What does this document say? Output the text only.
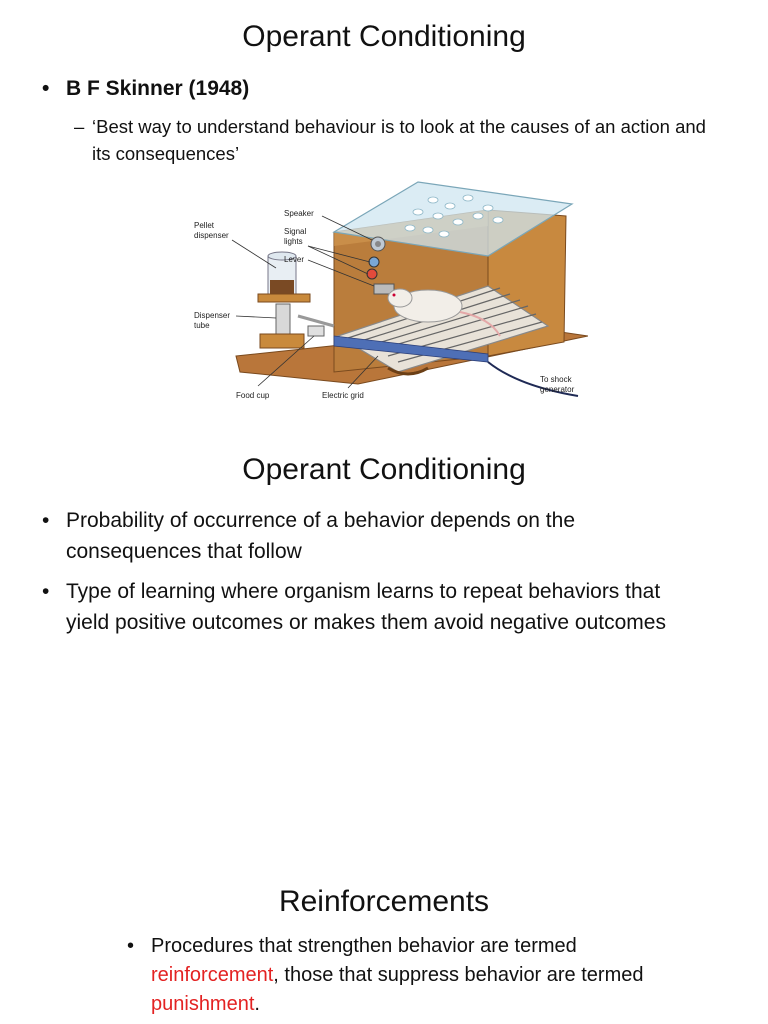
Operant Conditioning
• B F Skinner (1948)
– ‘Best way to understand behaviour is to look at the causes of an action and its consequences’
Pellet dispenser
Speaker
Signal lights
Lever
Dispenser tube
Food cup	Electric grid
To shock generator
Operant Conditioning
• Probability of occurrence of a behavior depends on the consequences that follow
• Type of learning where organism learns to repeat behaviors that yield positive outcomes or makes them avoid negative outcomes
Reinforcements
• Procedures that strengthen behavior are termed reinforcement, those that suppress behavior are termed punishment.
